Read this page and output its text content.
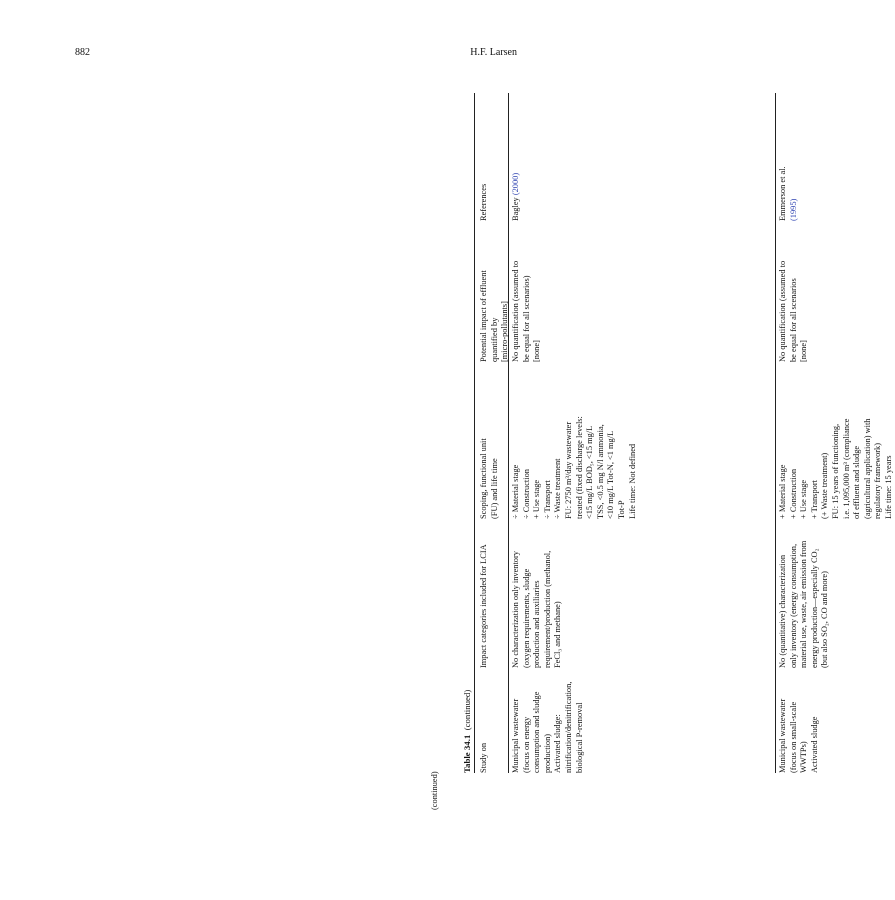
882	H.F. Larsen
Table 34.1  (continued)
Study on
Impact categories included for LCIA
Scoping, functional unit (FU) and life time
Potential impact of effluent quantified by [micro-pollutants]
References
Municipal wastewater (focus on energy consumption and sludge production) Activated sludge: nitrification/denitrification, biological P-removal
No characterization only inventory (oxygen requirements, sludge production and auxiliaries requirement/production (methanol, FeCl₃ and methane)
÷ Material stage ÷ Construction + Use stage ÷ Transport ÷ Waste treatment FU: 2750 m³/day wastewater treated (fixed discharge levels: <15 mg/L BOD₅, <15 mg/L TSS, <0.5 mg N/l ammonia, <10 mg/L Tot-N, <1 mg/L Tot-P Life time: Not defined
No quantification (assumed to be equal for all scenarios) [none]
Bagley (2000)
Municipal wastewater (focus on small-scale WWTPs) Activated sludge
No (quantitative) characterization only inventory (energy consumption, material use, waste, air emission from energy production—especially CO₂ (but also SO₂, CO and more)
+ Material stage + Construction + Use stage + Transport (+ Waste treatment) FU: 15 years of functioning, i.e. 1,095,000 m³ (compliance of effluent and sludge (agricultural application) with regulatory framework) Life time: 15 years
No quantification (assumed to be equal for all scenarios [none]
Emmerson et al. (1995)
(continued)
